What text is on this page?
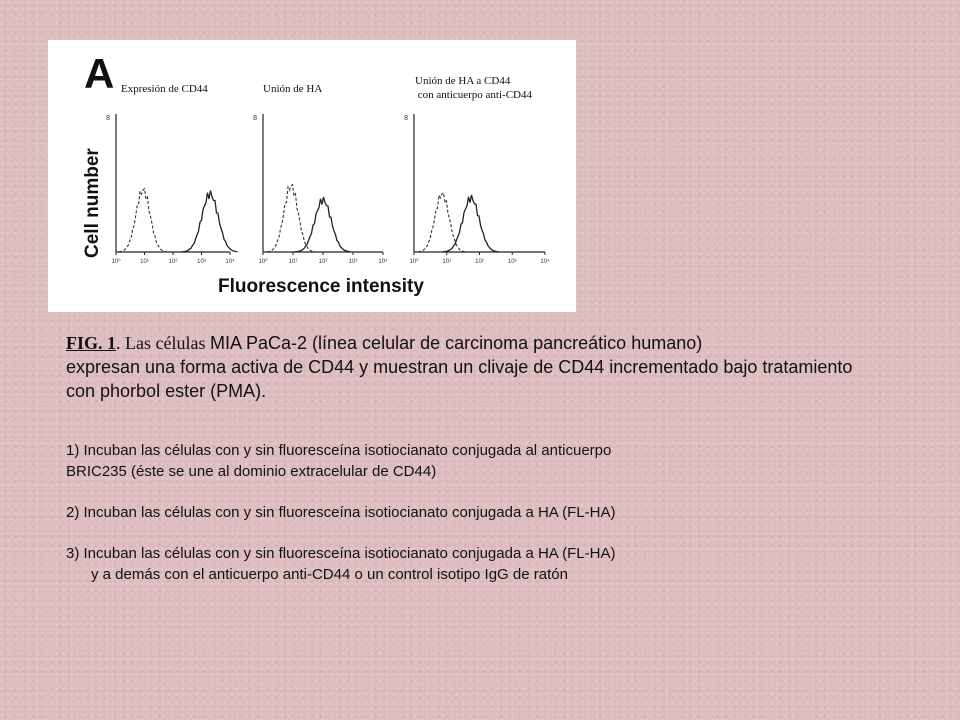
A Expresión de CD44	Unión de HA
Unión de HA a CD44
con anticuerpo anti-CD44
Cell number
Fluorescence intensity
8
10⁰	10¹	10²	10³	10⁴
8
10⁰	10¹	10²	10³	10⁴
8
10⁰	10¹	10²	10³	10⁴
FIG. 1. Las células MIA PaCa-2 (línea celular de carcinoma pancreático humano)
expresan una forma activa de CD44 y muestran un clivaje de CD44 incrementado bajo tratamiento
con phorbol ester (PMA).

1) Incuban las células con y sin fluoresceína isotiocianato conjugada al anticuerpo

BRIC235 (éste se une al dominio extracelular de CD44)

2) Incuban las células con y sin fluoresceína isotiocianato conjugada a HA (FL-HA)

3) Incuban las células con y sin fluoresceína isotiocianato conjugada a HA (FL-HA)

y a demás con el anticuerpo anti-CD44 o un control isotipo IgG de ratón
